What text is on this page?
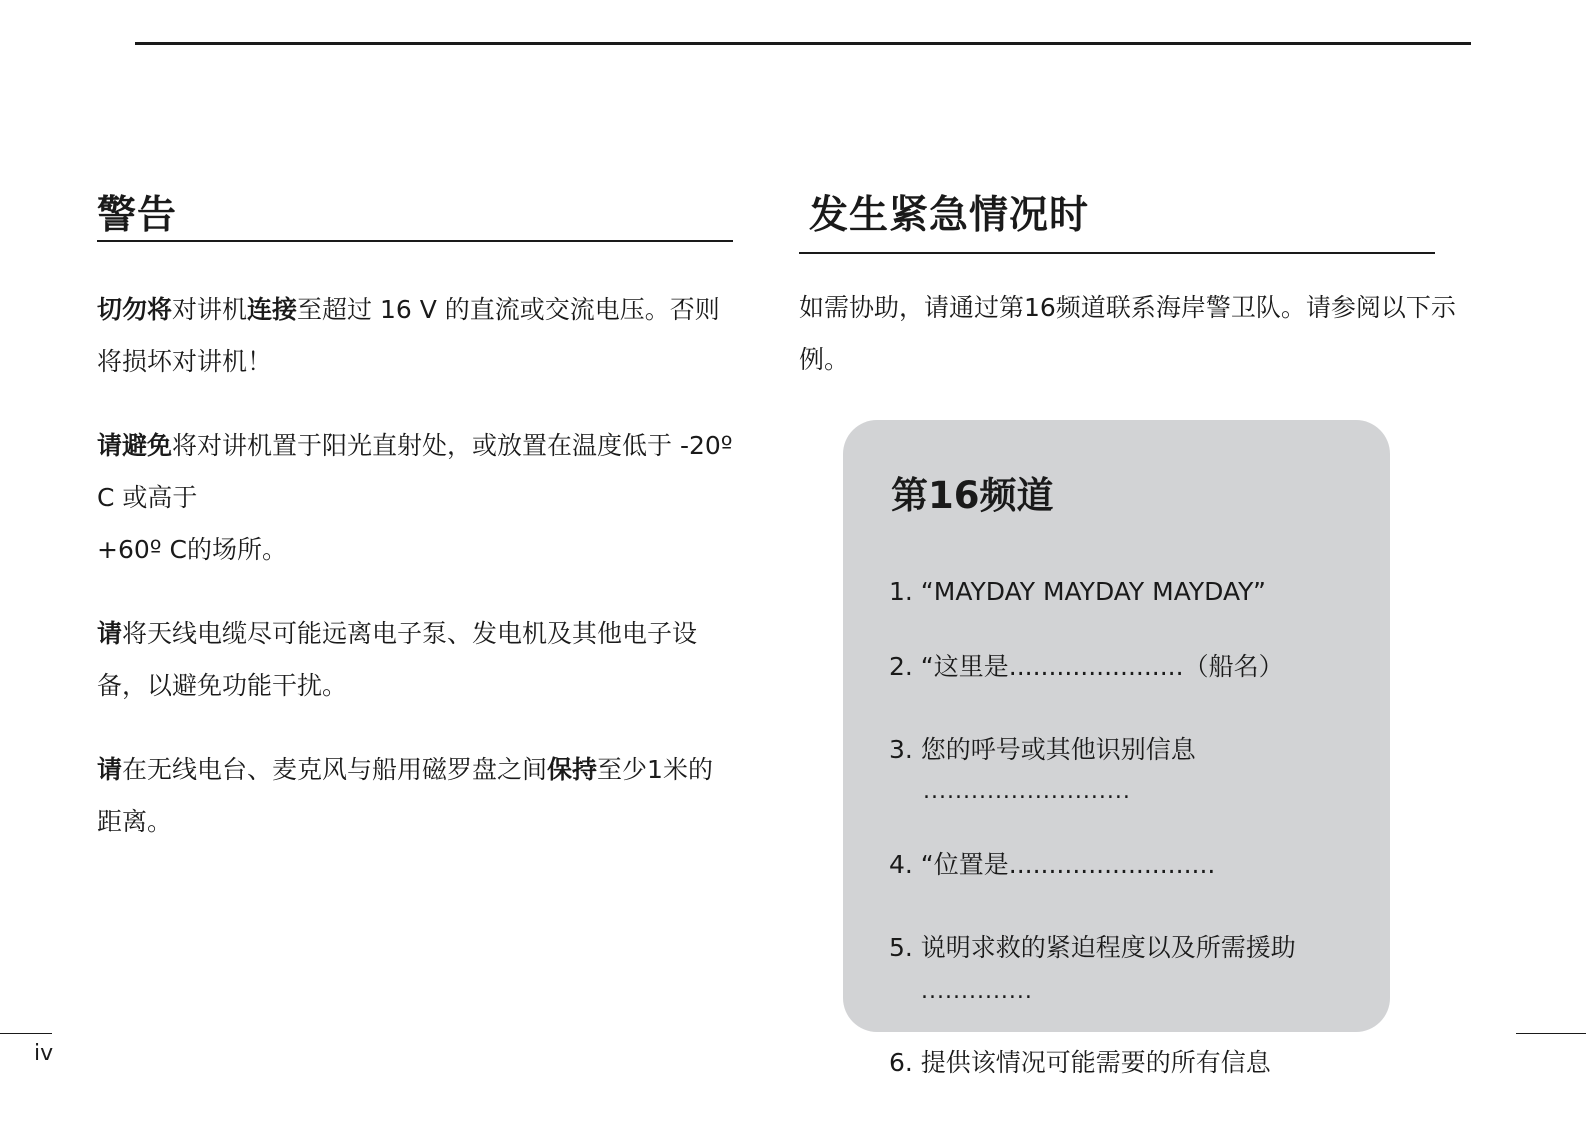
警告

切勿将对讲机连接至超过 16 V 的直流或交流电压。否则将损坏对讲机！

请避免将对讲机置于阳光直射处，或放置在温度低于 -20º C 或高于
+60º C的场所。

请将天线电缆尽可能远离电子泵、发电机及其他电子设备，以避免功能干扰。

请在无线电台、麦克风与船用磁罗盘之间保持至少1米的距离。

发生紧急情况时

如需协助，请通过第16频道联系海岸警卫队。请参阅以下示例。

第16频道
1. “MAYDAY MAYDAY MAYDAY”
2. “这里是......................（船名）
3. 您的呼号或其他识别信息
..........................
4. “位置是..........................
5. 说明求救的紧迫程度以及所需援助
..............
6. 提供该情况可能需要的所有信息
iv
